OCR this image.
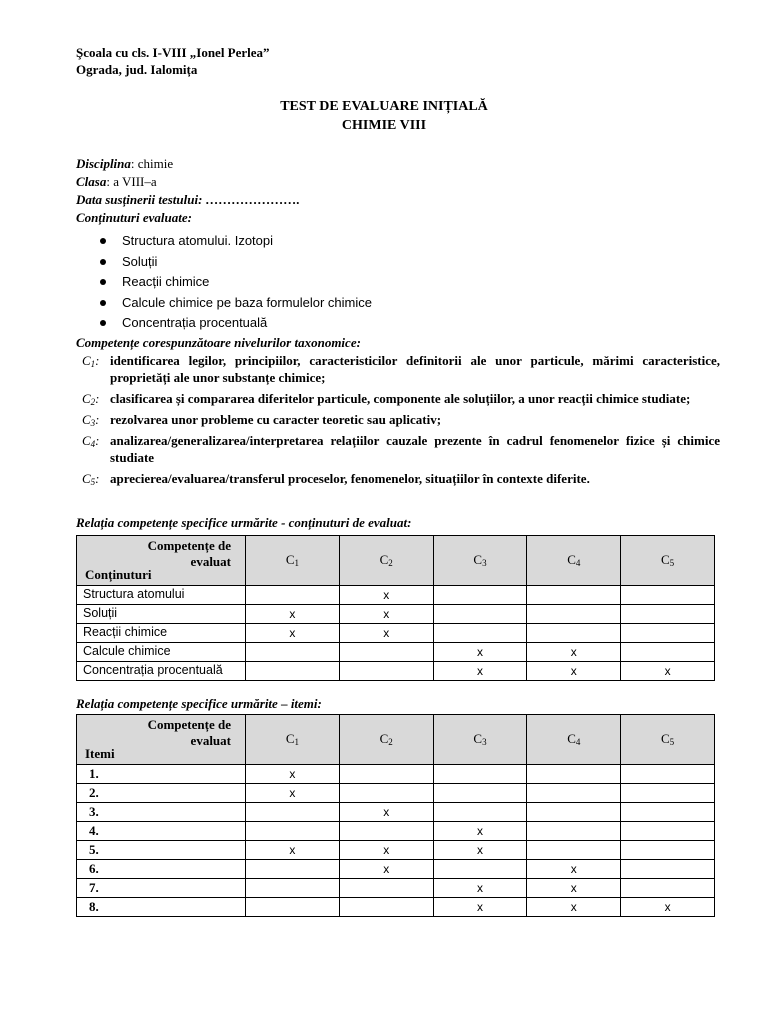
Şcoala cu cls. I-VIII „Ionel Perlea”
Ograda, jud. Ialomița
TEST DE EVALUARE INIȚIALĂ
CHIMIE VIII
Disciplina: chimie
Clasa: a VIII–a
Data susținerii testului: ………………….
Conținuturi evaluate:
Structura atomului. Izotopi
Soluții
Reacții chimice
Calcule chimice pe baza formulelor chimice
Concentrația procentuală
Competențe corespunzătoare nivelurilor taxonomice:
$C_1$: identificarea legilor, principiilor, caracteristicilor definitorii ale unor particule, mărimi caracteristice, proprietăți ale unor substanțe chimice;
$C_2$: clasificarea și compararea diferitelor particule, componente ale soluțiilor, a unor reacții chimice studiate;
$C_3$: rezolvarea unor probleme cu caracter teoretic sau aplicativ;
$C_4$: analizarea/generalizarea/interpretarea relațiilor cauzale prezente în cadrul fenomenelor fizice și chimice studiate
$C_5$: aprecierea/evaluarea/transferul proceselor, fenomenelor, situațiilor în contexte diferite.
Relația competențe specifice urmărite - conținuturi de evaluat:
Competențe de
evaluat
Conținuturi	$C_1$	$C_2$	$C_3$	$C_4$	$C_5$
Structura atomului		x			
Soluții	x	x			
Reacții chimice	x	x			
Calcule chimice			x	x	
Concentrația procentuală			x	x	x
Relația competențe specifice urmărite – itemi:
Competențe de
evaluat
Itemi	$C_1$	$C_2$	$C_3$	$C_4$	$C_5$
1.	x				
2.	x				
3.		x			
4.			x		
5.	x	x	x		
6.		x		x	
7.			x	x	
8.			x	x	x
